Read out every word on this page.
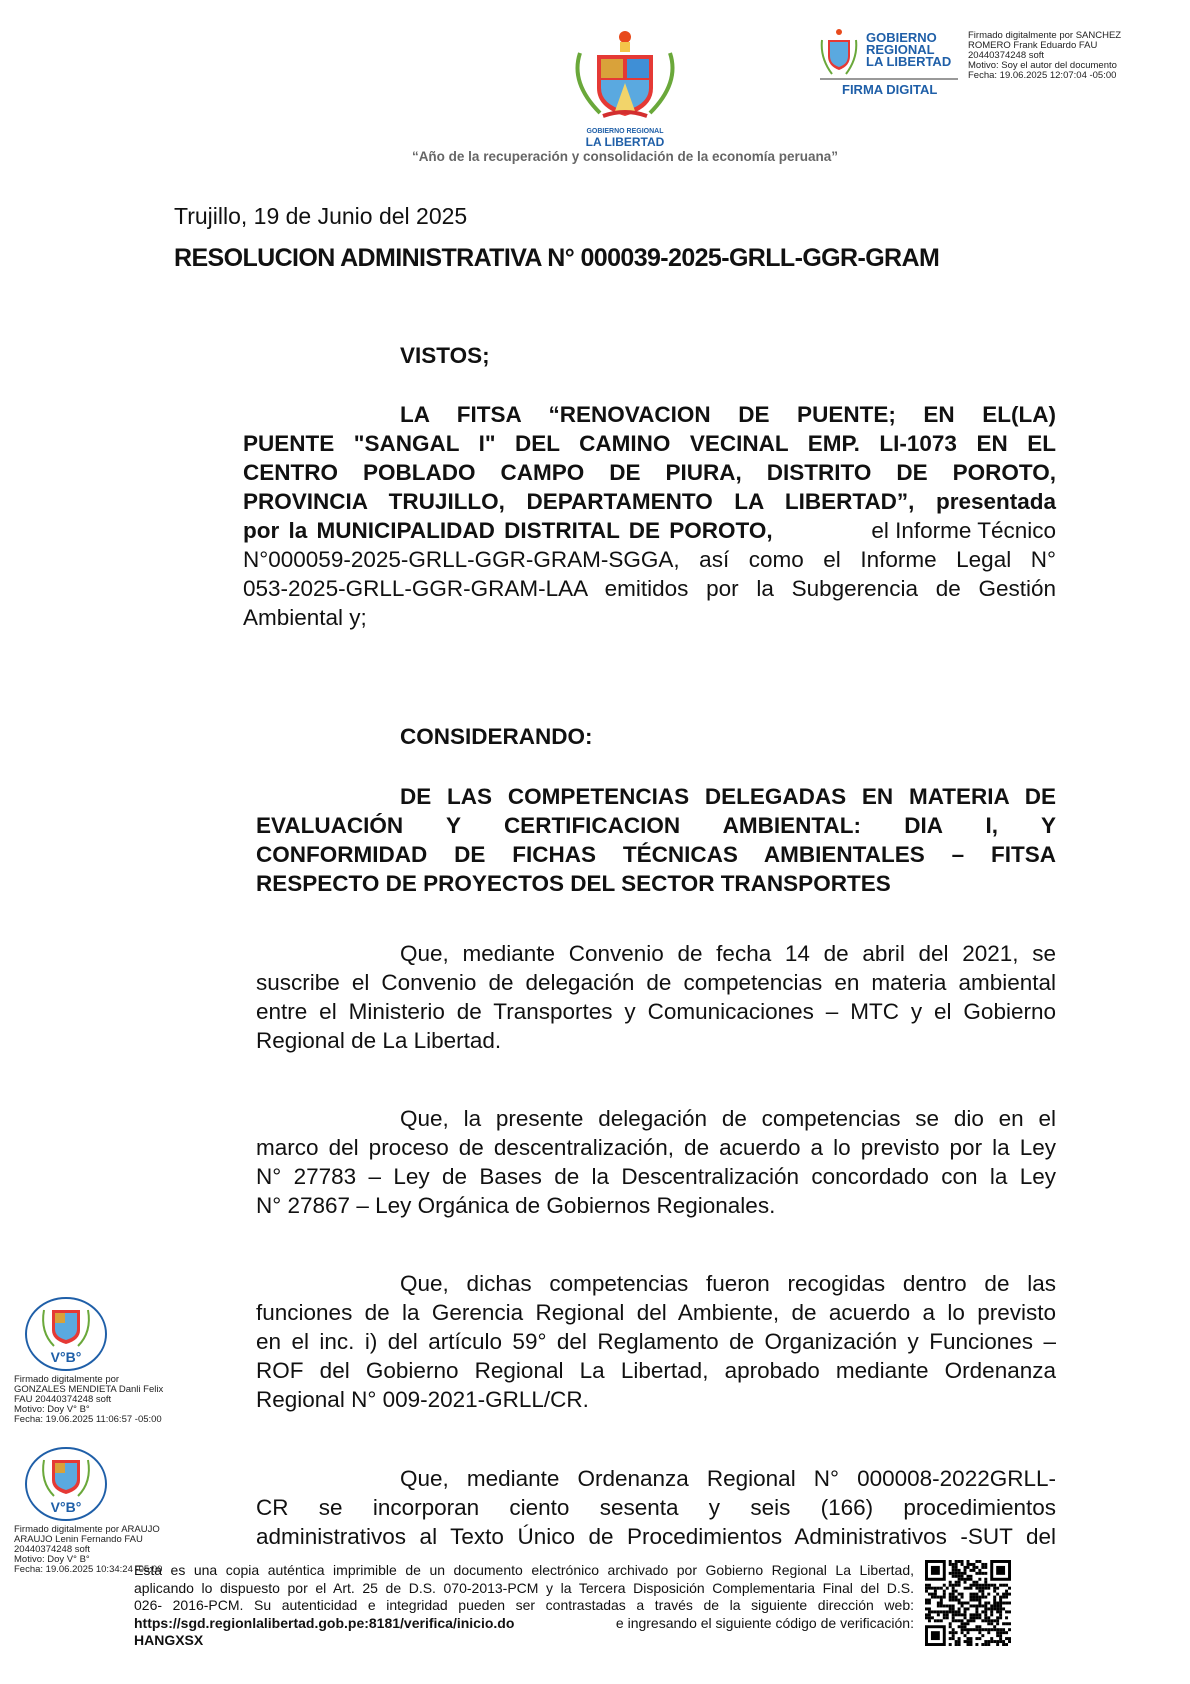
GOBIERNO REGIONAL
LA LIBERTAD
“Año de la recuperación y consolidación de la economía peruana”
GOBIERNO
REGIONAL
LA LIBERTAD
FIRMA DIGITAL
Firmado digitalmente por SANCHEZ
ROMERO Frank Eduardo FAU
20440374248 soft
Motivo: Soy el autor del documento
Fecha: 19.06.2025 12:07:04 -05:00
Trujillo, 19 de Junio del 2025
RESOLUCION ADMINISTRATIVA N° 000039-2025-GRLL-GGR-GRAM
VISTOS;
LA FITSA “RENOVACION DE PUENTE; EN EL(LA)
PUENTE "SANGAL I" DEL CAMINO VECINAL EMP. LI-1073 EN EL
CENTRO POBLADO CAMPO DE PIURA, DISTRITO DE POROTO,
PROVINCIA TRUJILLO, DEPARTAMENTO LA LIBERTAD”, presentada
por la MUNICIPALIDAD DISTRITAL DE POROTO,	el Informe Técnico
N°000059-2025-GRLL-GGR-GRAM-SGGA, así como el Informe Legal N°
053-2025-GRLL-GGR-GRAM-LAA emitidos por la Subgerencia de Gestión
Ambiental y;
CONSIDERANDO:
DE LAS COMPETENCIAS DELEGADAS EN MATERIA DE
EVALUACIÓN Y CERTIFICACION AMBIENTAL: DIA I, Y
CONFORMIDAD DE FICHAS TÉCNICAS AMBIENTALES – FITSA
RESPECTO DE PROYECTOS DEL SECTOR TRANSPORTES
Que, mediante Convenio de fecha 14 de abril del 2021, se
suscribe el Convenio de delegación de competencias en materia ambiental
entre el Ministerio de Transportes y Comunicaciones – MTC y el Gobierno
Regional de La Libertad.
Que, la presente delegación de competencias se dio en el
marco del proceso de descentralización, de acuerdo a lo previsto por la Ley
N° 27783 – Ley de Bases de la Descentralización concordado con la Ley
N° 27867 – Ley Orgánica de Gobiernos Regionales.
Que, dichas competencias fueron recogidas dentro de las
funciones de la Gerencia Regional del Ambiente, de acuerdo a lo previsto
en el inc. i) del artículo 59° del Reglamento de Organización y Funciones –
ROF del Gobierno Regional La Libertad, aprobado mediante Ordenanza
Regional N° 009-2021-GRLL/CR.
Que, mediante Ordenanza Regional N° 000008-2022GRLL-
CR se incorporan ciento sesenta y seis (166) procedimientos
administrativos al Texto Único de Procedimientos Administrativos -SUT del
V°B°
Firmado digitalmente por
GONZALES MENDIETA Danli Felix
FAU 20440374248 soft
Motivo: Doy V° B°
Fecha: 19.06.2025 11:06:57 -05:00
V°B°
Firmado digitalmente por ARAUJO
ARAUJO Lenin Fernando FAU
20440374248 soft
Motivo: Doy V° B°
Fecha: 19.06.2025 10:34:24 -05:00
Esta es una copia auténtica imprimible de un documento electrónico archivado por Gobierno Regional La Libertad,
aplicando lo dispuesto por el Art. 25 de D.S. 070-2013-PCM y la Tercera Disposición Complementaria Final del D.S.
026- 2016-PCM. Su autenticidad e integridad pueden ser contrastadas a través de la siguiente dirección web:
https://sgd.regionlalibertad.gob.pe:8181/verifica/inicio.do	e ingresando el siguiente código de verificación:
HANGXSX
